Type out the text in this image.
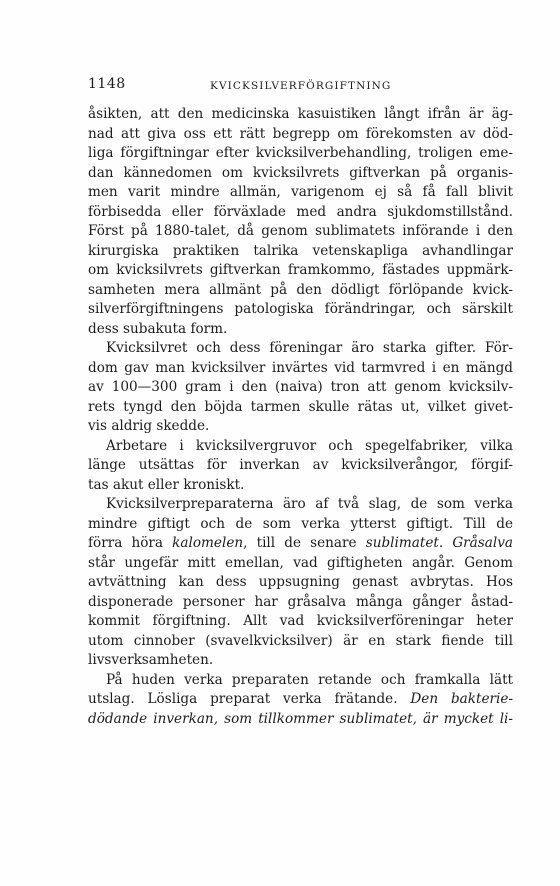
1148	KVICKSILVERFÖRGIFTNING
åsikten, att den medicinska kasuistiken långt ifrån är äg-
nad att giva oss ett rätt begrepp om förekomsten av död-
liga förgiftningar efter kvicksilverbehandling, troligen eme-
dan kännedomen om kvicksilvrets giftverkan på organis-
men varit mindre allmän, varigenom ej så få fall blivit
förbisedda eller förväxlade med andra sjukdomstillstånd.
Först på 1880-talet, då genom sublimatets införande i den
kirurgiska praktiken talrika vetenskapliga avhandlingar
om kvicksilvrets giftverkan framkommo, fästades uppmärk-
samheten mera allmänt på den dödligt förlöpande kvick-
silverförgiftningens patologiska förändringar, och särskilt
dess subakuta form.
Kvicksilvret och dess föreningar äro starka gifter. För-
dom gav man kvicksilver invärtes vid tarmvred i en mängd
av 100—300 gram i den (naiva) tron att genom kvicksilv-
rets tyngd den böjda tarmen skulle rätas ut, vilket givet-
vis aldrig skedde.
Arbetare i kvicksilvergruvor och spegelfabriker, vilka
länge utsättas för inverkan av kvicksilverångor, förgif-
tas akut eller kroniskt.
Kvicksilverpreparaterna äro af två slag, de som verka
mindre giftigt och de som verka ytterst giftigt. Till de
förra höra kalomelen, till de senare sublimatet. Gråsalva
står ungefär mitt emellan, vad giftigheten angår. Genom
avtvättning kan dess uppsugning genast avbrytas. Hos
disponerade personer har gråsalva många gånger åstad-
kommit förgiftning. Allt vad kvicksilverföreningar heter
utom cinnober (svavelkvicksilver) är en stark fiende till
livsverksamheten.
På huden verka preparaten retande och framkalla lätt
utslag. Lösliga preparat verka frätande. Den bakterie-
dödande inverkan, som tillkommer sublimatet, är mycket li-
